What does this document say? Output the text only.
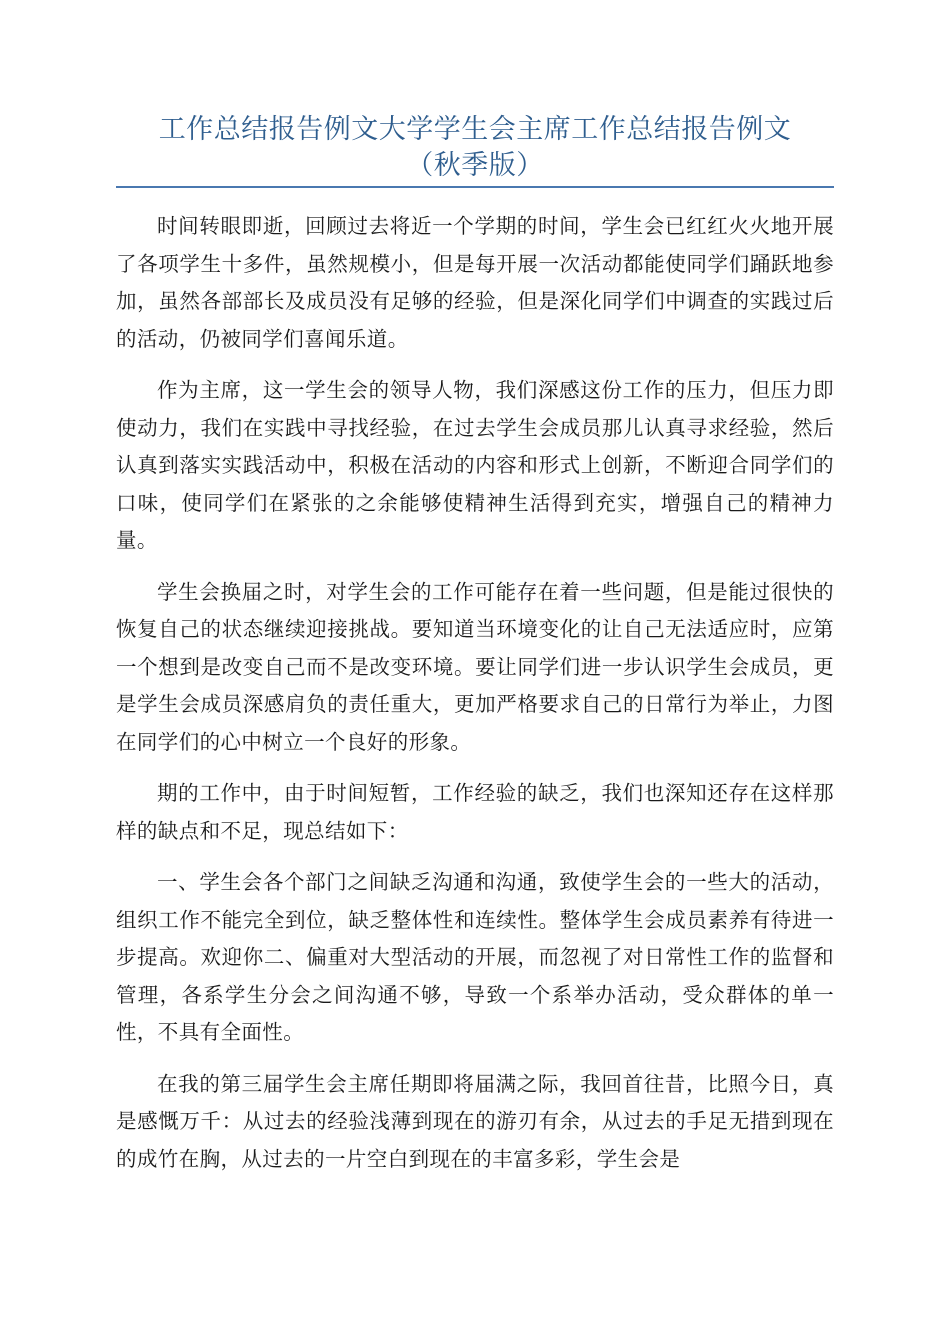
工作总结报告例文大学学生会主席工作总结报告例文
（秋季版）

时间转眼即逝，回顾过去将近一个学期的时间，学生会已红红火火地开展了各项学生十多件，虽然规模小，但是每开展一次活动都能使同学们踊跃地参加，虽然各部部长及成员没有足够的经验，但是深化同学们中调查的实践过后的活动，仍被同学们喜闻乐道。

作为主席，这一学生会的领导人物，我们深感这份工作的压力，但压力即使动力，我们在实践中寻找经验，在过去学生会成员那儿认真寻求经验，然后认真到落实实践活动中，积极在活动的内容和形式上创新，不断迎合同学们的口味，使同学们在紧张的之余能够使精神生活得到充实，增强自己的精神力量。

学生会换届之时，对学生会的工作可能存在着一些问题，但是能过很快的恢复自己的状态继续迎接挑战。要知道当环境变化的让自己无法适应时，应第一个想到是改变自己而不是改变环境。要让同学们进一步认识学生会成员，更是学生会成员深感肩负的责任重大，更加严格要求自己的日常行为举止，力图在同学们的心中树立一个良好的形象。

期的工作中，由于时间短暂，工作经验的缺乏，我们也深知还存在这样那样的缺点和不足，现总结如下：

一、学生会各个部门之间缺乏沟通和沟通，致使学生会的一些大的活动，组织工作不能完全到位，缺乏整体性和连续性。整体学生会成员素养有待进一步提高。欢迎你二、偏重对大型活动的开展，而忽视了对日常性工作的监督和管理，各系学生分会之间沟通不够，导致一个系举办活动，受众群体的单一性，不具有全面性。

在我的第三届学生会主席任期即将届满之际，我回首往昔，比照今日，真是感慨万千：从过去的经验浅薄到现在的游刃有余，从过去的手足无措到现在的成竹在胸，从过去的一片空白到现在的丰富多彩，学生会是
